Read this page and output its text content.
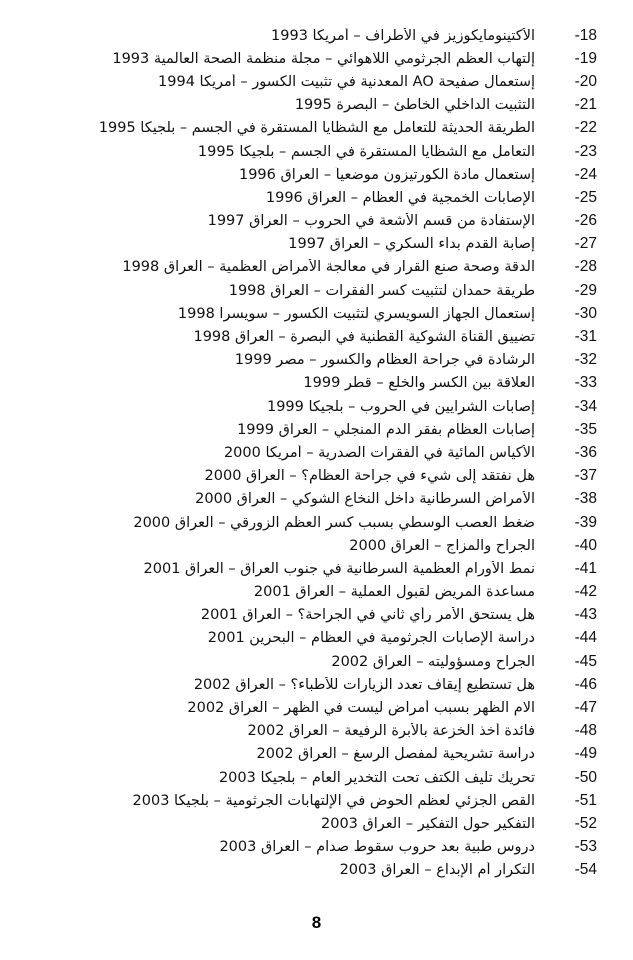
الأكتينومايكوزيز في الأطراف – أمريكا 1993	-18
إلتهاب العظم الجرثومي اللاهوائي – مجلة منظمة الصحة العالمية 1993	-19
إستعمال صفيحة AO المعدنية في تثبيت الكسور – أمريكا 1994	-20
التثبيت الداخلي الخاطئ – البصرة 1995	-21
الطريقة الحديثة للتعامل مع الشظايا المستقرة في الجسم – بلجيكا 1995	-22
التعامل مع الشظايا المستقرة في الجسم – بلجيكا 1995	-23
إستعمال مادة الكورتيزون موضعياً – العراق 1996	-24
الإصابات الخمجية في العظام – العراق 1996	-25
الإستفادة من قسم الأشعة في الحروب – العراق 1997	-26
إصابة القدم بداء السكري – العراق 1997	-27
الدقة وصحة صنع القرار في معالجة الأمراض العظمية – العراق 1998	-28
طريقة حمدان لتثبيت كسر الفقرات – العراق 1998	-29
إستعمال الجهاز السويسري لتثبيت الكسور – سويسرا 1998	-30
تضييق القناة الشوكية القطنية في البصرة – العراق 1998	-31
الرشادة في جراحة العظام والكسور – مصر 1999	-32
العلاقة بين الكسر والخلع – قطر 1999	-33
إصابات الشرايين في الحروب – بلجيكا 1999	-34
إصابات العظام بفقر الدم المنجلي – العراق 1999	-35
الأكياس المائية في الفقرات الصدرية – أمريكا 2000	-36
هل نفتقد إلى شيء في جراحة العظام؟ – العراق 2000	-37
الأمراض السرطانية داخل النخاع الشوكي – العراق 2000	-38
ضغط العصب الوسطي بسبب كسر العظم الزورقي – العراق 2000	-39
الجراح والمزاج – العراق 2000	-40
نمط الأورام العظمية السرطانية في جنوب العراق – العراق 2001	-41
مساعدة المريض لقبول العملية – العراق 2001	-42
هل يستحق الأمر رأي ثاني في الجراحة؟ – العراق 2001	-43
دراسة الإصابات الجرثومية في العظام – البحرين 2001	-44
الجراح ومسؤوليته – العراق 2002	-45
هل تستطيع إيقاف تعدد الزيارات للأطباء؟ – العراق 2002	-46
آلام الظهر بسبب أمراض ليست في الظهر – العراق 2002	-47
فائدة أخذ الخزعة بالأبرة الرفيعة – العراق 2002	-48
دراسة تشريحية لمفصل الرسغ – العراق 2002	-49
تحريك تليف الكتف تحت التخدير العام – بلجيكا 2003	-50
القص الجزئي لعظم الحوض في الإلتهابات الجرثومية – بلجيكا 2003	-51
التفكير حول التفكير – العراق 2003	-52
دروس طبية بعد حروب سقوط صدام – العراق 2003	-53
التكرار أم الإبداع – العراق 2003	-54
8
